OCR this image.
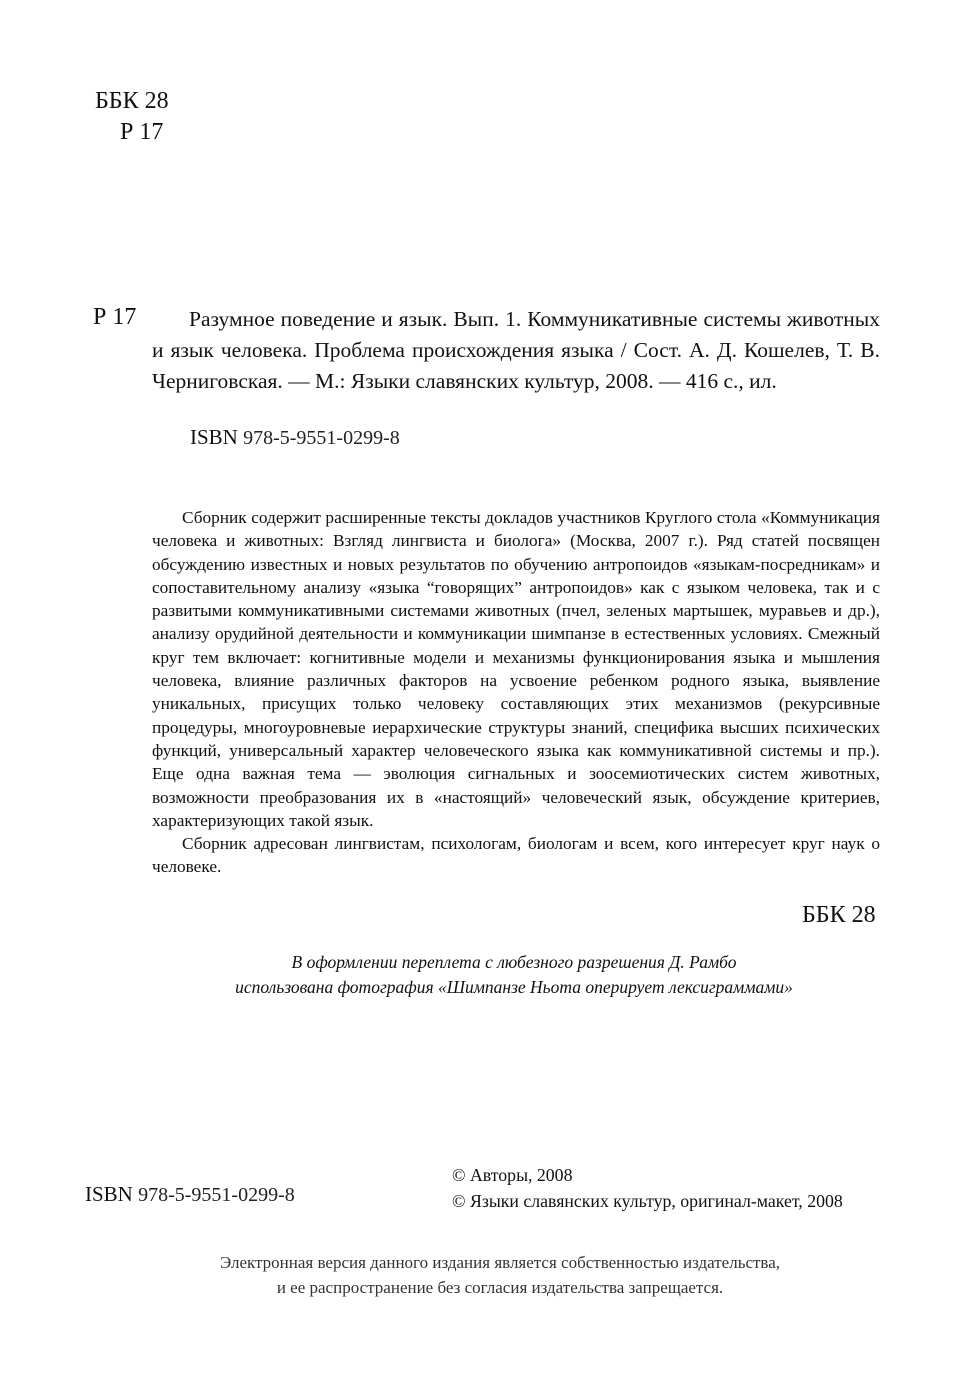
ББК 28
Р 17
Р 17	Разумное поведение и язык. Вып. 1. Коммуникативные системы животных и язык человека. Проблема происхождения языка / Сост. А. Д. Кошелев, Т. В. Черниговская. — М.: Языки славянских культур, 2008. — 416 с., ил.
ISBN 978-5-9551-0299-8

Сборник содержит расширенные тексты докладов участников Круглого стола «Коммуникация человека и животных: Взгляд лингвиста и биолога» (Москва, 2007 г.). Ряд статей посвящен обсуждению известных и новых результатов по обучению антропоидов «языкам-посредникам» и сопоставительному анализу «языка “говорящих” антропоидов» как с языком человека, так и с развитыми коммуникативными системами животных (пчел, зеленых мартышек, муравьев и др.), анализу орудийной деятельности и коммуникации шимпанзе в естественных условиях. Смежный круг тем включает: когнитивные модели и механизмы функционирования языка и мышления человека, влияние различных факторов на усвоение ребенком родного языка, выявление уникальных, присущих только человеку составляющих этих механизмов (рекурсивные процедуры, многоуровневые иерархические структуры знаний, специфика высших психических функций, универсальный характер человеческого языка как коммуникативной системы и пр.). Еще одна важная тема — эволюция сигнальных и зоосемиотических систем животных, возможности преобразования их в «настоящий» человеческий язык, обсуждение критериев, характеризующих такой язык.

Сборник адресован лингвистам, психологам, биологам и всем, кого интересует круг наук о человеке.

ББК 28
В оформлении переплета с любезного разрешения Д. Рамбо
использована фотография «Шимпанзе Ньота оперирует лексиграммами»
ISBN 978-5-9551-0299-8
© Авторы, 2008
© Языки славянских культур, оригинал-макет, 2008
Электронная версия данного издания является собственностью издательства,
и ее распространение без согласия издательства запрещается.
